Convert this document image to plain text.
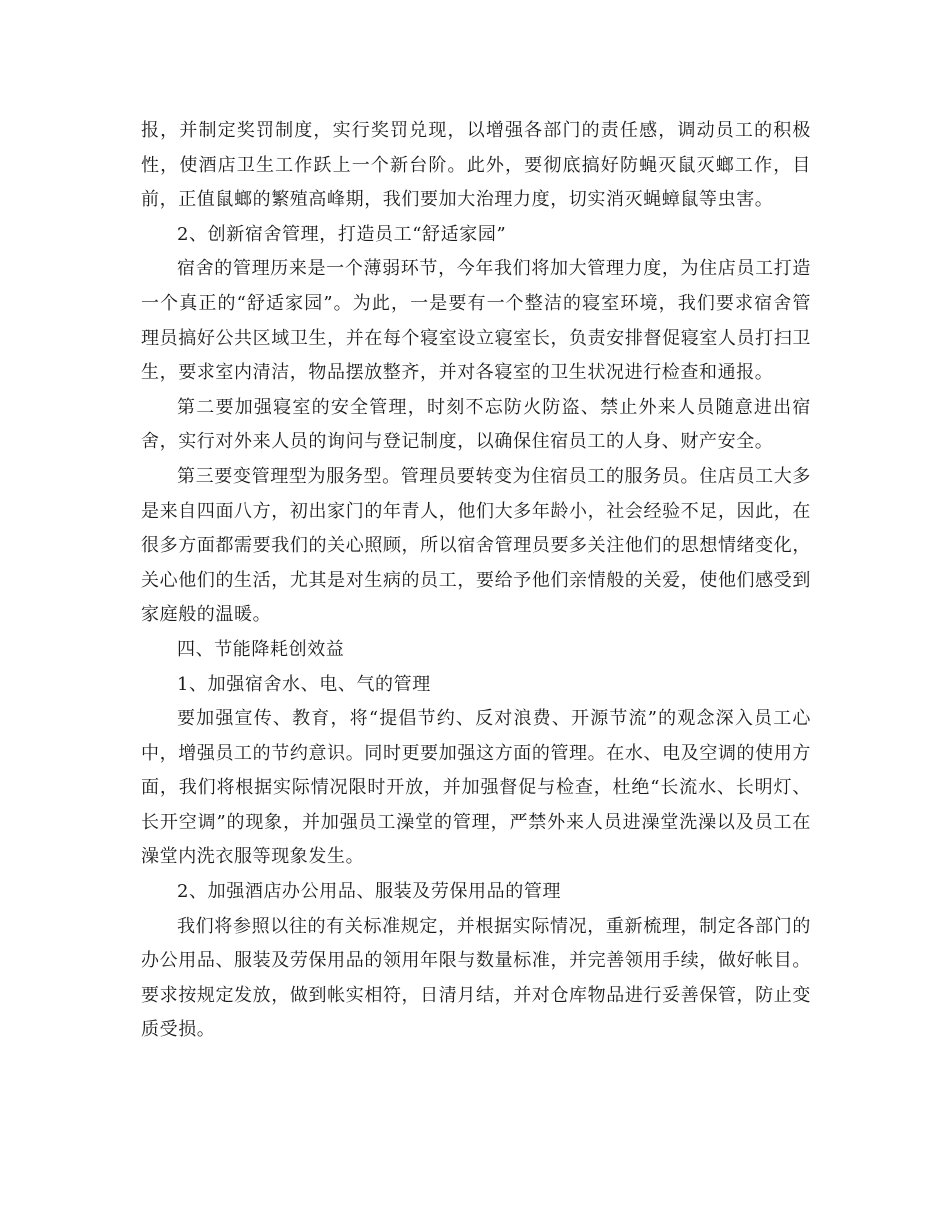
报，并制定奖罚制度，实行奖罚兑现，以增强各部门的责任感，调动员工的积极性，使酒店卫生工作跃上一个新台阶。此外，要彻底搞好防蝇灭鼠灭螂工作，目前，正值鼠螂的繁殖高峰期，我们要加大治理力度，切实消灭蝇蟑鼠等虫害。

2、创新宿舍管理，打造员工“舒适家园”

宿舍的管理历来是一个薄弱环节，今年我们将加大管理力度，为住店员工打造一个真正的“舒适家园”。为此，一是要有一个整洁的寝室环境，我们要求宿舍管理员搞好公共区域卫生，并在每个寝室设立寝室长，负责安排督促寝室人员打扫卫生，要求室内清洁，物品摆放整齐，并对各寝室的卫生状况进行检查和通报。

第二要加强寝室的安全管理，时刻不忘防火防盗、禁止外来人员随意进出宿舍，实行对外来人员的询问与登记制度，以确保住宿员工的人身、财产安全。

第三要变管理型为服务型。管理员要转变为住宿员工的服务员。住店员工大多是来自四面八方，初出家门的年青人，他们大多年龄小，社会经验不足，因此，在很多方面都需要我们的关心照顾，所以宿舍管理员要多关注他们的思想情绪变化，关心他们的生活，尤其是对生病的员工，要给予他们亲情般的关爱，使他们感受到家庭般的温暖。

四、节能降耗创效益

1、加强宿舍水、电、气的管理

要加强宣传、教育，将“提倡节约、反对浪费、开源节流”的观念深入员工心中，增强员工的节约意识。同时更要加强这方面的管理。在水、电及空调的使用方面，我们将根据实际情况限时开放，并加强督促与检查，杜绝“长流水、长明灯、长开空调”的现象，并加强员工澡堂的管理，严禁外来人员进澡堂洗澡以及员工在澡堂内洗衣服等现象发生。

2、加强酒店办公用品、服装及劳保用品的管理

我们将参照以往的有关标准规定，并根据实际情况，重新梳理，制定各部门的办公用品、服装及劳保用品的领用年限与数量标准，并完善领用手续，做好帐目。要求按规定发放，做到帐实相符，日清月结，并对仓库物品进行妥善保管，防止变质受损。
